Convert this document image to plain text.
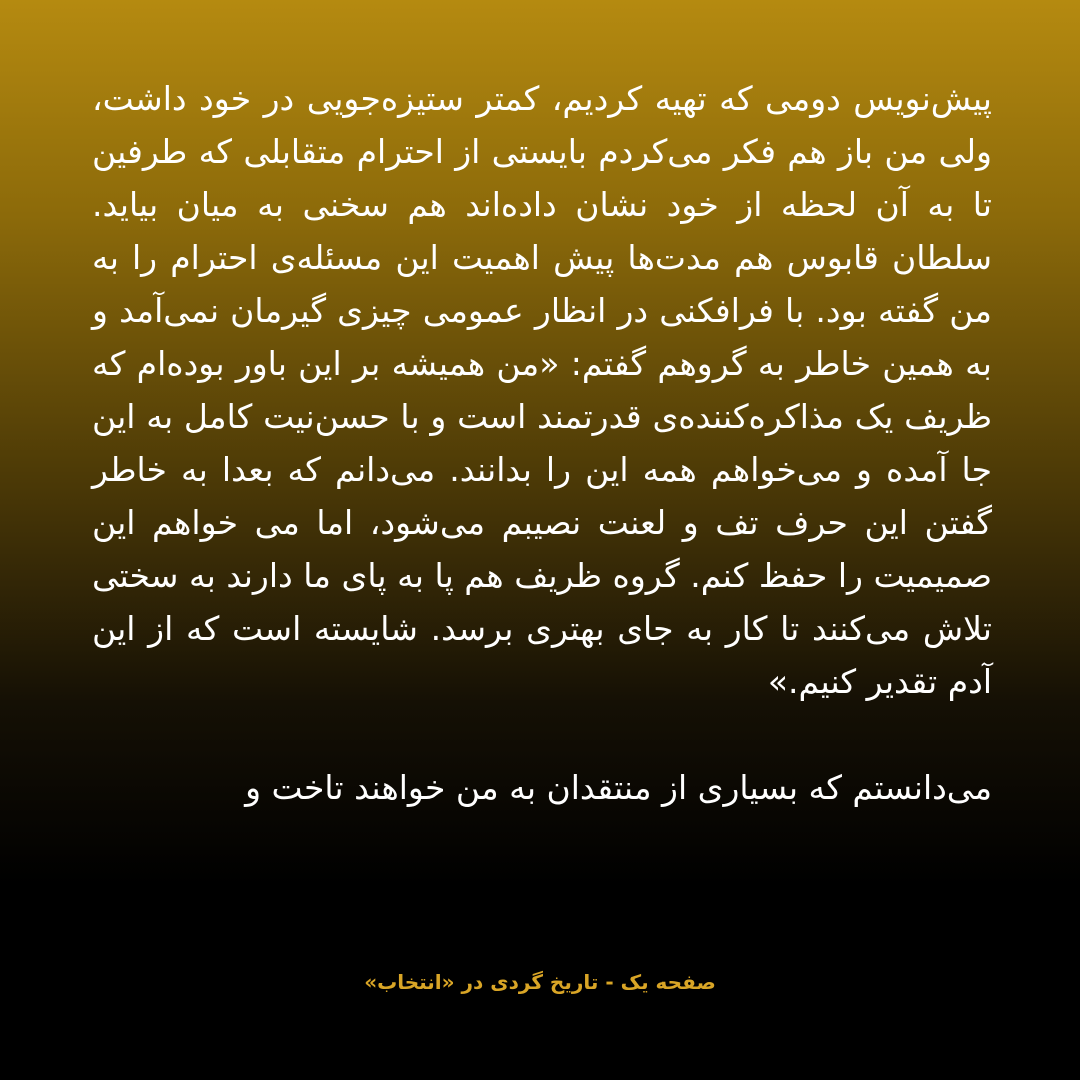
پیش‌نویس دومی که تهیه کردیم، کمتر ستیزه‌جویی در خود داشت، ولی من باز هم فکر می‌کردم بایستی از احترام متقابلی که طرفین تا به آن لحظه از خود نشان داده‌اند هم سخنی به میان بیاید. سلطان قابوس هم مدت‌ها پیش اهمیت این مسئله‌ی احترام را به من گفته بود. با فرافکنی در انظار عمومی چیزی گیرمان نمی‌آمد و به همین خاطر به گروهم گفتم: «من همیشه بر این باور بوده‌ام که ظریف یک مذاکره‌کننده‌ی قدرتمند است و با حسن‌نیت کامل به این جا آمده و می‌خواهم همه این را بدانند. می‌دانم که بعدا به خاطر گفتن این حرف تف و لعنت نصیبم می‌شود، اما می خواهم این صمیمیت را حفظ کنم. گروه ظریف هم پا به پای ما دارند به سختی تلاش می‌کنند تا کار به جای بهتری برسد. شایسته است که از این آدم تقدیر کنیم.»

می‌دانستم که بسیاری از منتقدان به من خواهند تاخت و

صفحه یک - تاریخ گردی در «انتخاب»
